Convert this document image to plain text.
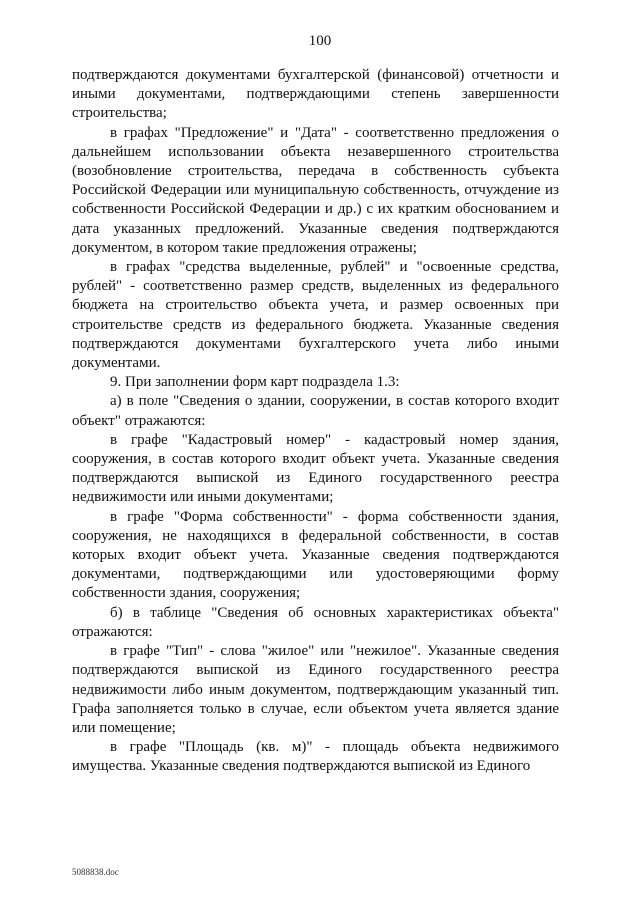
100

подтверждаются документами бухгалтерской (финансовой) отчетности и иными документами, подтверждающими степень завершенности строительства;

в графах "Предложение" и "Дата" - соответственно предложения о дальнейшем использовании объекта незавершенного строительства (возобновление строительства, передача в собственность субъекта Российской Федерации или муниципальную собственность, отчуждение из собственности Российской Федерации и др.) с их кратким обоснованием и дата указанных предложений. Указанные сведения подтверждаются документом, в котором такие предложения отражены;

в графах "средства выделенные, рублей" и "освоенные средства, рублей" - соответственно размер средств, выделенных из федерального бюджета на строительство объекта учета, и размер освоенных при строительстве средств из федерального бюджета. Указанные сведения подтверждаются документами бухгалтерского учета либо иными документами.

9. При заполнении форм карт подраздела 1.3:

а) в поле "Сведения о здании, сооружении, в состав которого входит объект" отражаются:

в графе "Кадастровый номер" - кадастровый номер здания, сооружения, в состав которого входит объект учета. Указанные сведения подтверждаются выпиской из Единого государственного реестра недвижимости или иными документами;

в графе "Форма собственности" - форма собственности здания, сооружения, не находящихся в федеральной собственности, в состав которых входит объект учета. Указанные сведения подтверждаются документами, подтверждающими или удостоверяющими форму собственности здания, сооружения;

б) в таблице "Сведения об основных характеристиках объекта" отражаются:

в графе "Тип" - слова "жилое" или "нежилое". Указанные сведения подтверждаются выпиской из Единого государственного реестра недвижимости либо иным документом, подтверждающим указанный тип. Графа заполняется только в случае, если объектом учета является здание или помещение;

в графе "Площадь (кв. м)" - площадь объекта недвижимого имущества. Указанные сведения подтверждаются выпиской из Единого

5088838.doc
